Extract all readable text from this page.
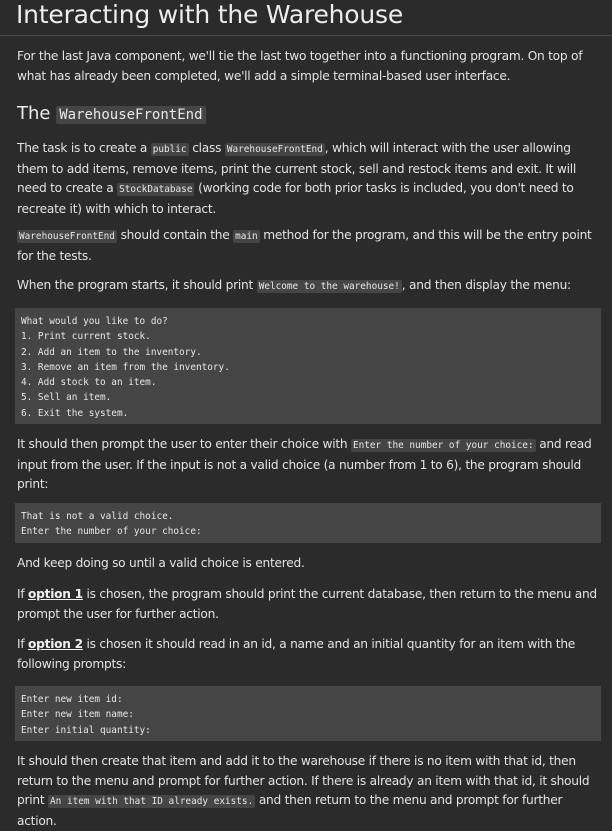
Interacting with the Warehouse

For the last Java component, we'll tie the last two together into a functioning program. On top of what has already been completed, we'll add a simple terminal-based user interface.

The WarehouseFrontEnd

The task is to create a public class WarehouseFrontEnd , which will interact with the user allowing them to add items, remove items, print the current stock, sell and restock items and exit. It will need to create a StockDatabase (working code for both prior tasks is included, you don't need to recreate it) with which to interact.

WarehouseFrontEnd should contain the main method for the program, and this will be the entry point for the tests.

When the program starts, it should print Welcome to the warehouse! , and then display the menu:

What would you like to do?
1. Print current stock.
2. Add an item to the inventory.
3. Remove an item from the inventory.
4. Add stock to an item.
5. Sell an item.
6. Exit the system.

It should then prompt the user to enter their choice with Enter the number of your choice: and read input from the user. If the input is not a valid choice (a number from 1 to 6), the program should print:

That is not a valid choice.
Enter the number of your choice:

And keep doing so until a valid choice is entered.

If option 1 is chosen, the program should print the current database, then return to the menu and prompt the user for further action.

If option 2 is chosen it should read in an id, a name and an initial quantity for an item with the following prompts:

Enter new item id:
Enter new item name:
Enter initial quantity:

It should then create that item and add it to the warehouse if there is no item with that id, then return to the menu and prompt for further action. If there is already an item with that id, it should print An item with that ID already exists. and then return to the menu and prompt for further action.
